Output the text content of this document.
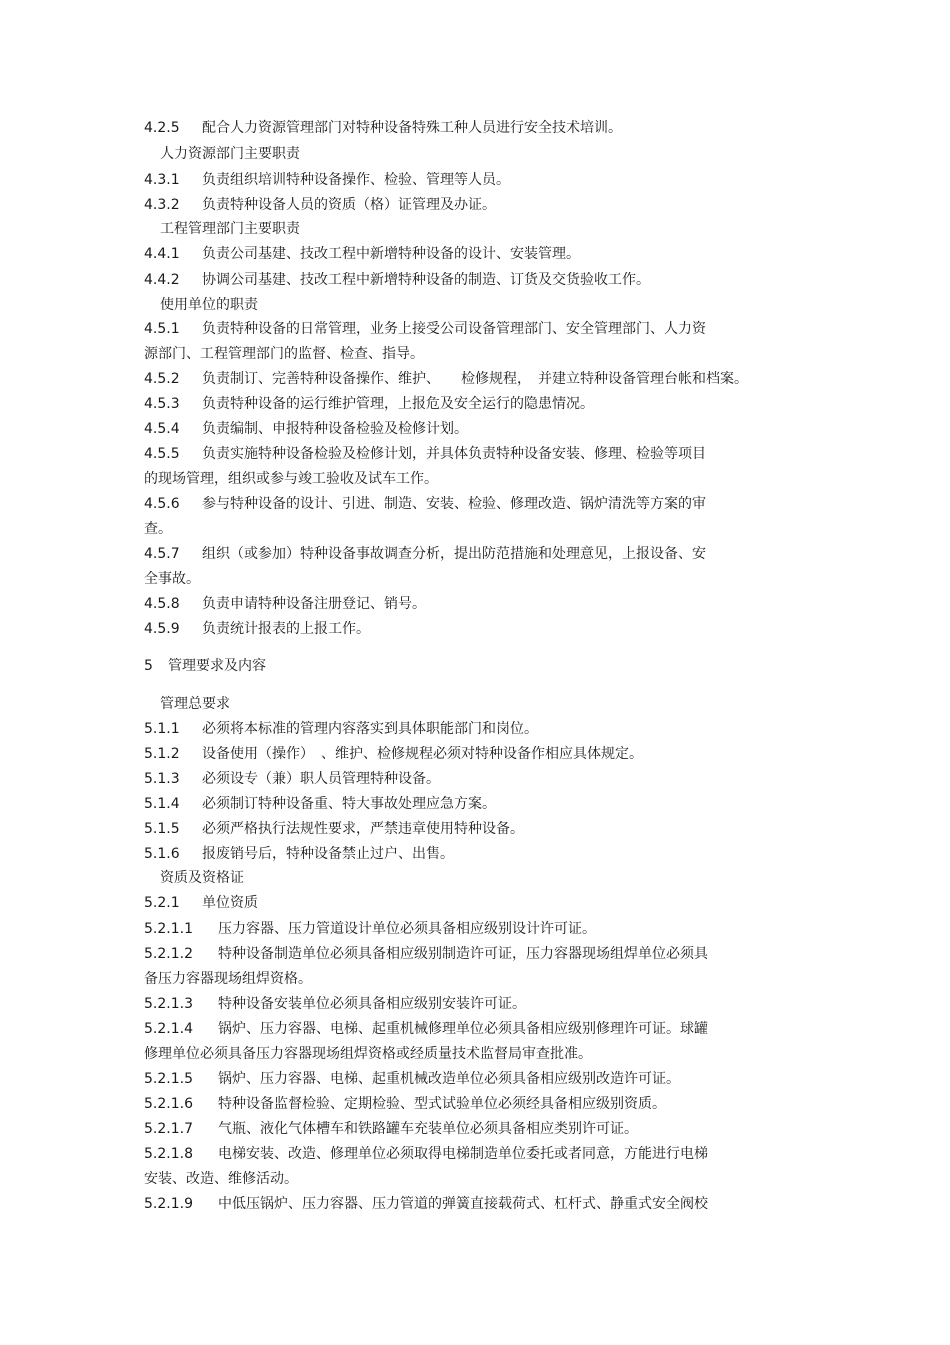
4.2.5 配合人力资源管理部门对特种设备特殊工种人员进行安全技术培训。
人力资源部门主要职责
4.3.1 负责组织培训特种设备操作、检验、管理等人员。
4.3.2 负责特种设备人员的资质（格）证管理及办证。
工程管理部门主要职责
4.4.1 负责公司基建、技改工程中新增特种设备的设计、安装管理。
4.4.2 协调公司基建、技改工程中新增特种设备的制造、订货及交货验收工作。
使用单位的职责
4.5.1 负责特种设备的日常管理，业务上接受公司设备管理部门、安全管理部门、人力资
源部门、工程管理部门的监督、检查、指导。
4.5.2 负责制订、完善特种设备操作、维护、　　检修规程，　并建立特种设备管理台帐和档案。
4.5.3 负责特种设备的运行维护管理，上报危及安全运行的隐患情况。
4.5.4 负责编制、申报特种设备检验及检修计划。
4.5.5 负责实施特种设备检验及检修计划，并具体负责特种设备安装、修理、检验等项目
的现场管理，组织或参与竣工验收及试车工作。
4.5.6 参与特种设备的设计、引进、制造、安装、检验、修理改造、锅炉清洗等方案的审
查。
4.5.7 组织（或参加）特种设备事故调查分析，提出防范措施和处理意见，上报设备、安
全事故。
4.5.8 负责申请特种设备注册登记、销号。
4.5.9 负责统计报表的上报工作。
5 管理要求及内容
管理总要求
5.1.1 必须将本标准的管理内容落实到具体职能部门和岗位。
5.1.2 设备使用（操作）　、维护、检修规程必须对特种设备作相应具体规定。
5.1.3 必须设专（兼）职人员管理特种设备。
5.1.4 必须制订特种设备重、特大事故处理应急方案。
5.1.5 必须严格执行法规性要求，严禁违章使用特种设备。
5.1.6 报废销号后，特种设备禁止过户、出售。
资质及资格证
5.2.1 单位资质
5.2.1.1 压力容器、压力管道设计单位必须具备相应级别设计许可证。
5.2.1.2 特种设备制造单位必须具备相应级别制造许可证，压力容器现场组焊单位必须具
备压力容器现场组焊资格。
5.2.1.3 特种设备安装单位必须具备相应级别安装许可证。
5.2.1.4 锅炉、压力容器、电梯、起重机械修理单位必须具备相应级别修理许可证。球罐
修理单位必须具备压力容器现场组焊资格或经质量技术监督局审查批准。
5.2.1.5 锅炉、压力容器、电梯、起重机械改造单位必须具备相应级别改造许可证。
5.2.1.6 特种设备监督检验、定期检验、型式试验单位必须经具备相应级别资质。
5.2.1.7 气瓶、液化气体槽车和铁路罐车充装单位必须具备相应类别许可证。
5.2.1.8 电梯安装、改造、修理单位必须取得电梯制造单位委托或者同意，方能进行电梯
安装、改造、维修活动。
5.2.1.9 中低压锅炉、压力容器、压力管道的弹簧直接载荷式、杠杆式、静重式安全阀校
